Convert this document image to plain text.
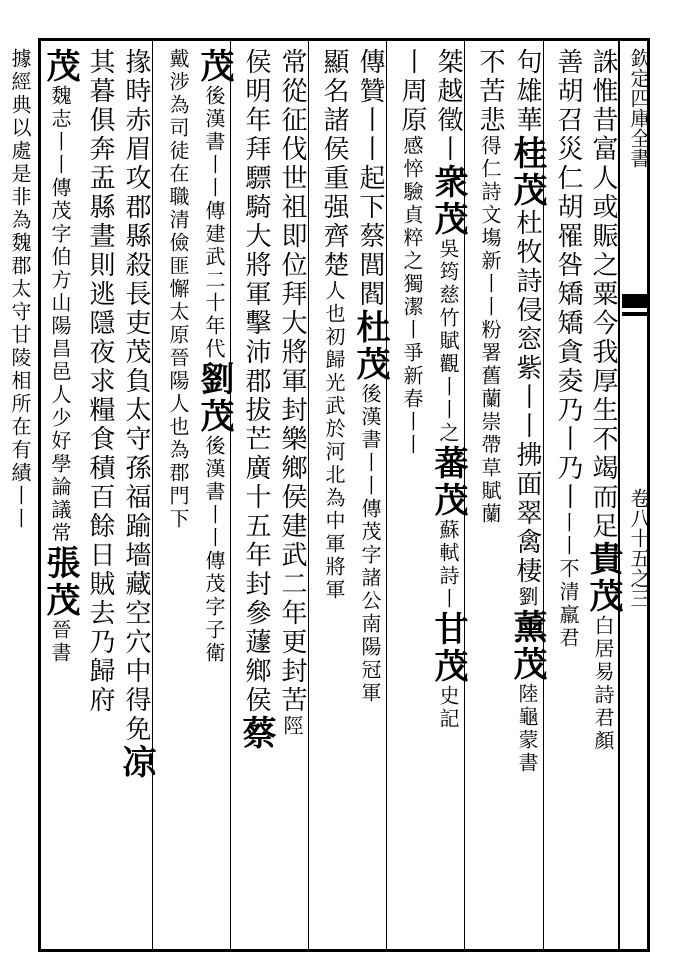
欽定四庫全書卷八十五之三
誅惟昔富人或賑之粟今我厚生不竭而足貴茂白居易詩君顏
善胡召災仁胡罹咎矯矯貪夌乃丨乃丨丨丨不清羸君
句雄華桂茂杜牧詩侵窓紫丨丨拂面翠禽棲劉薰茂陸龜蒙書
不苦悲得仁詩文塲新丨丨粉署舊蘭崇帶草賦蘭
桀越徵丨衆茂吳筠慈竹賦觀丨丨之蕃茂蘇軾詩丨甘茂史記
丨周原感悴驗貞粹之獨潔丨爭新春丨丨
傳贊丨丨起下蔡閭閻杜茂後漢書丨丨傳茂字諸公南陽冠軍
顯名諸侯重强齊楚人也初歸光武於河北為中軍將軍
常從征伐世祖即位拜大將軍封樂鄉侯建武二年更封苦陘
侯明年拜驃騎大將軍擊沛郡拔芒廣十五年封參蘧鄉侯蔡
茂後漢書丨丨傳建武二十年代劉茂後漢書丨丨傳茂字子衛
戴涉為司徒在職清儉匪懈太原晉陽人也為郡門下
掾時赤眉攻郡縣殺長吏茂負太守孫福踰墻藏空穴中得免凉
其暮俱奔盂縣晝則逃隱夜求糧食積百餘日賊去乃歸府
茂魏志丨丨傳茂字伯方山陽昌邑人少好學論議常張茂晉書
據經典以處是非為魏郡太守甘陵相所在有績丨丨
